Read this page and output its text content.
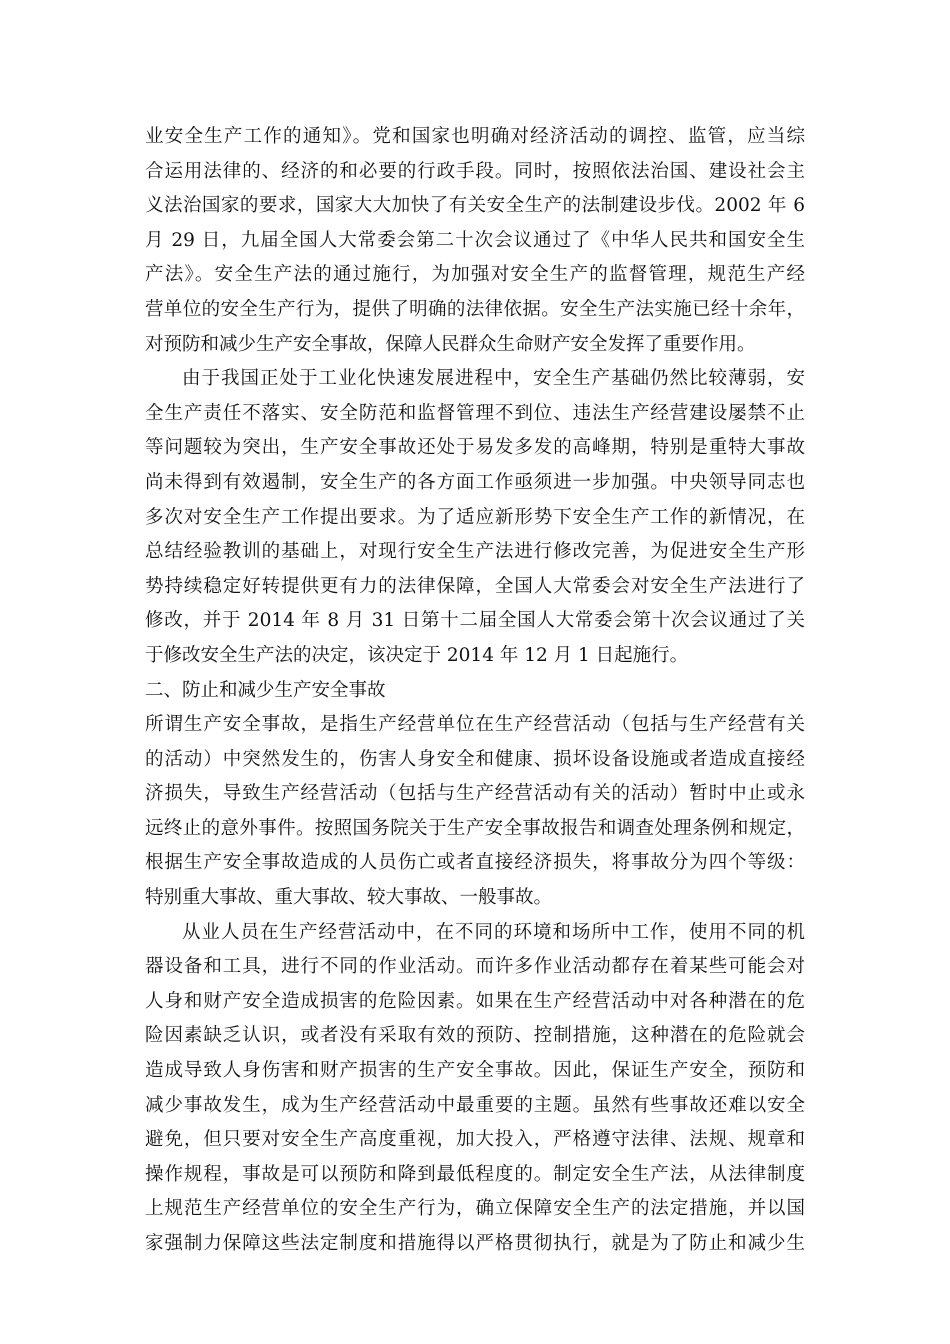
业安全生产工作的通知》。党和国家也明确对经济活动的调控、监管，应当综
合运用法律的、经济的和必要的行政手段。同时，按照依法治国、建设社会主
义法治国家的要求，国家大大加快了有关安全生产的法制建设步伐。2002 年 6
月 29 日，九届全国人大常委会第二十次会议通过了《中华人民共和国安全生
产法》。安全生产法的通过施行，为加强对安全生产的监督管理，规范生产经
营单位的安全生产行为，提供了明确的法律依据。安全生产法实施已经十余年，
对预防和减少生产安全事故，保障人民群众生命财产安全发挥了重要作用。
由于我国正处于工业化快速发展进程中，安全生产基础仍然比较薄弱，安
全生产责任不落实、安全防范和监督管理不到位、违法生产经营建设屡禁不止
等问题较为突出，生产安全事故还处于易发多发的高峰期，特别是重特大事故
尚未得到有效遏制，安全生产的各方面工作亟须进一步加强。中央领导同志也
多次对安全生产工作提出要求。为了适应新形势下安全生产工作的新情况，在
总结经验教训的基础上，对现行安全生产法进行修改完善，为促进安全生产形
势持续稳定好转提供更有力的法律保障，全国人大常委会对安全生产法进行了
修改，并于 2014 年 8 月 31 日第十二届全国人大常委会第十次会议通过了关
于修改安全生产法的决定，该决定于 2014 年 12 月 1 日起施行。
二、防止和减少生产安全事故
所谓生产安全事故，是指生产经营单位在生产经营活动（包括与生产经营有关
的活动）中突然发生的，伤害人身安全和健康、损坏设备设施或者造成直接经
济损失，导致生产经营活动（包括与生产经营活动有关的活动）暂时中止或永
远终止的意外事件。按照国务院关于生产安全事故报告和调查处理条例和规定，
根据生产安全事故造成的人员伤亡或者直接经济损失，将事故分为四个等级：
特别重大事故、重大事故、较大事故、一般事故。
从业人员在生产经营活动中，在不同的环境和场所中工作，使用不同的机
器设备和工具，进行不同的作业活动。而许多作业活动都存在着某些可能会对
人身和财产安全造成损害的危险因素。如果在生产经营活动中对各种潜在的危
险因素缺乏认识，或者没有采取有效的预防、控制措施，这种潜在的危险就会
造成导致人身伤害和财产损害的生产安全事故。因此，保证生产安全，预防和
减少事故发生，成为生产经营活动中最重要的主题。虽然有些事故还难以安全
避免，但只要对安全生产高度重视，加大投入，严格遵守法律、法规、规章和
操作规程，事故是可以预防和降到最低程度的。制定安全生产法，从法律制度
上规范生产经营单位的安全生产行为，确立保障安全生产的法定措施，并以国
家强制力保障这些法定制度和措施得以严格贯彻执行，就是为了防止和减少生
